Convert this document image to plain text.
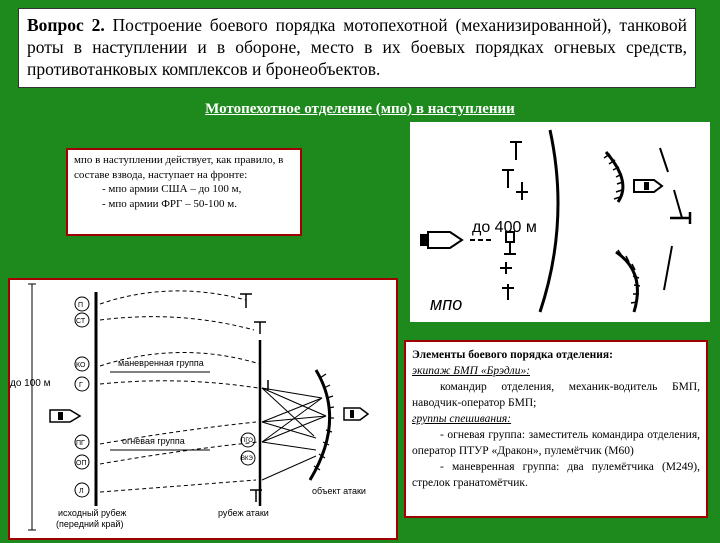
Вопрос 2. Построение боевого порядка мотопехотной (механизированной), танковой роты в наступлении и в обороне, место в их боевых порядках огневых средств, противотанковых комплексов и бронеобъектов.
Мотопехотное отделение (мпо) в наступлении
до 400 м
мпо
мпо в наступлении действует, как правило, в составе взвода, наступает на фронте:
- мпо армии США – до 100 м,
- мпо армии ФРГ – 50-100 м.
до 100 м
П
СТ
КО
Г
ПГ
ОП
Л
ПГО
ВКЭ
маневренная группа
огневая группа
исходный рубеж
(передний край)
рубеж атаки
объект атаки
Элементы боевого порядка отделения:
экипаж БМП «Брэдли»:
командир отделения, механик-водитель БМП, наводчик-оператор БМП;
группы спешивания:
- огневая группа: заместитель командира отделения, оператор ПТУР «Дракон», пулемётчик (М60)
- маневренная группа: два пулемётчика (М249), стрелок гранатомётчик.
